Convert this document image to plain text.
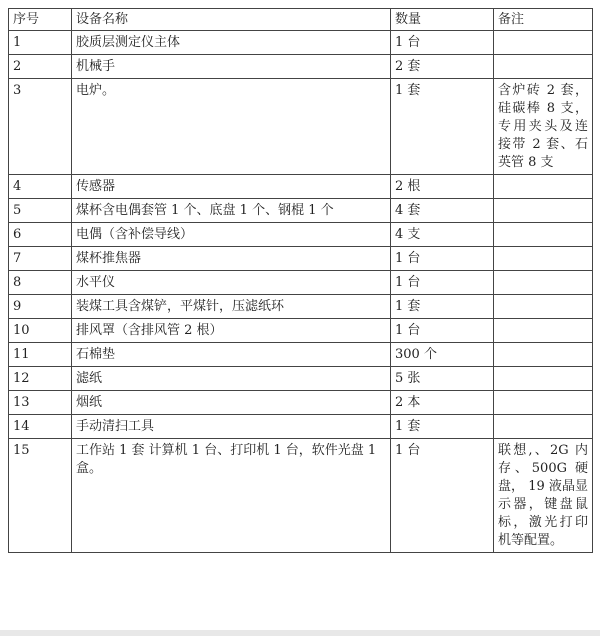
序号	设备名称	数量	备注
1	胶质层测定仪主体	1 台	
2	机械手	2 套	
3	电炉。	1 套	含炉砖 2 套，硅碳棒 8 支，专用夹头及连接带 2 套、石英管 8 支
4	传感器	2 根	
5	煤杯含电偶套管 1 个、底盘 1 个、钢棍 1 个	4 套	
6	电偶（含补偿导线）	4 支	
7	煤杯推焦器	1 台	
8	水平仪	1 台	
9	装煤工具含煤铲，平煤针，压滤纸环	1 套	
10	排风罩（含排风管 2 根）	1 台	
11	石棉垫	300 个	
12	滤纸	5 张	
13	烟纸	2 本	
14	手动清扫工具	1 套	
15	工作站 1 套 计算机 1 台、打印机 1 台，软件光盘 1 盒。	1 台	联想,、2G 内存、500G 硬盘， 19 液晶显示器，键盘鼠标，激光打印机等配置。
